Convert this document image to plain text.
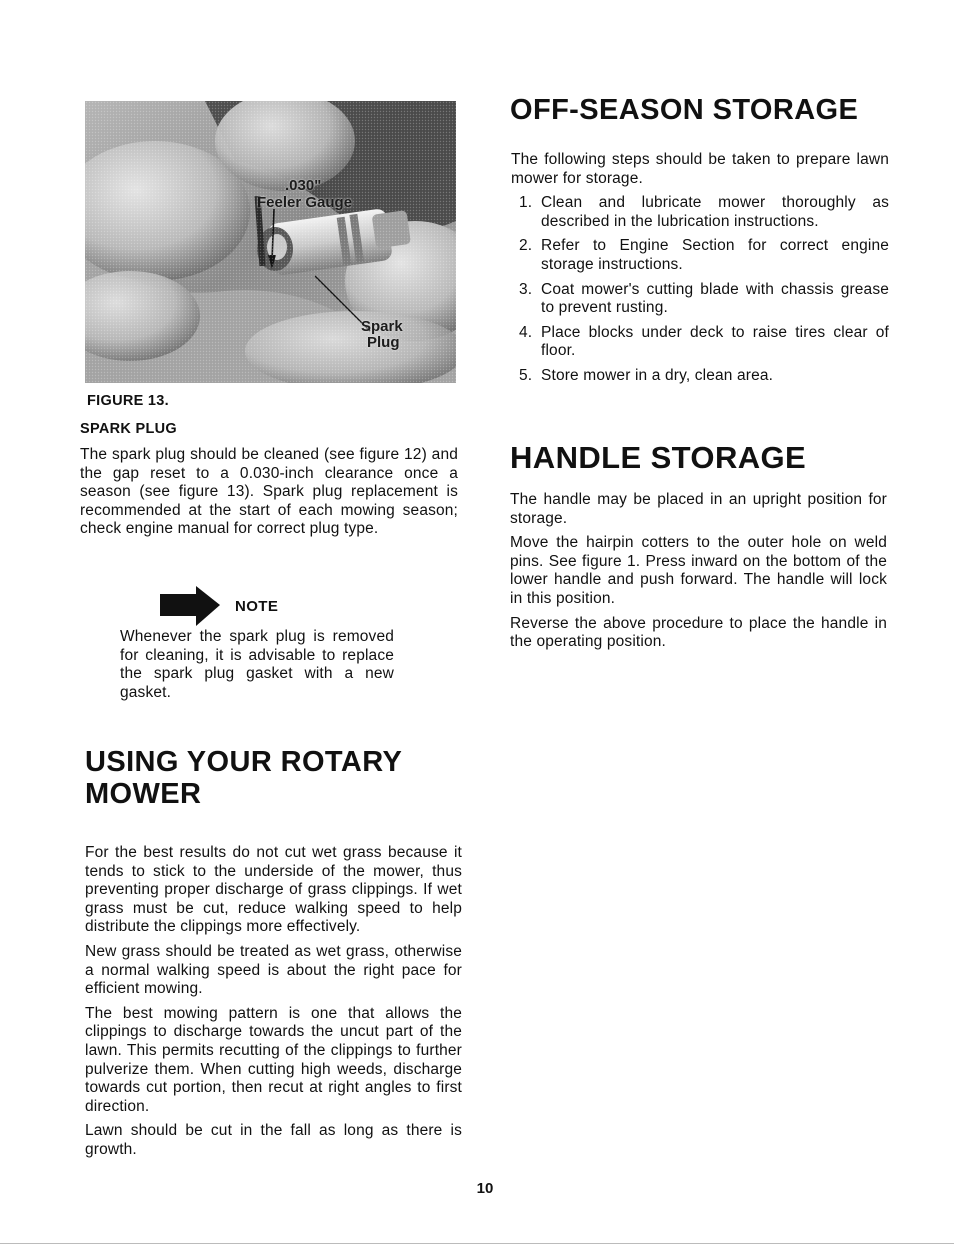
.030"
Feeler Gauge
Spark
Plug

FIGURE 13.

SPARK PLUG

The spark plug should be cleaned (see figure 12) and the gap reset to a 0.030-inch clearance once a season (see figure 13). Spark plug replacement is recommended at the start of each mowing season; check engine manual for correct plug type.

NOTE

Whenever the spark plug is removed for cleaning, it is advisable to replace the spark plug gasket with a new gasket.

USING YOUR ROTARY
MOWER

For the best results do not cut wet grass because it tends to stick to the underside of the mower, thus preventing proper discharge of grass clippings. If wet grass must be cut, reduce walking speed to help distribute the clippings more effectively.

New grass should be treated as wet grass, otherwise a normal walking speed is about the right pace for efficient mowing.

The best mowing pattern is one that allows the clippings to discharge towards the uncut part of the lawn. This permits recutting of the clippings to further pulverize them. When cutting high weeds, discharge towards cut portion, then recut at right angles to first direction.

Lawn should be cut in the fall as long as there is growth.

OFF-SEASON STORAGE

The following steps should be taken to prepare lawn mower for storage.

1. Clean and lubricate mower thoroughly as described in the lubrication instructions.
2. Refer to Engine Section for correct engine storage instructions.
3. Coat mower's cutting blade with chassis grease to prevent rusting.
4. Place blocks under deck to raise tires clear of floor.
5. Store mower in a dry, clean area.
HANDLE STORAGE

The handle may be placed in an upright position for storage.

Move the hairpin cotters to the outer hole on weld pins. See figure 1. Press inward on the bottom of the lower handle and push forward. The handle will lock in this position.

Reverse the above procedure to place the handle in the operating position.

10
